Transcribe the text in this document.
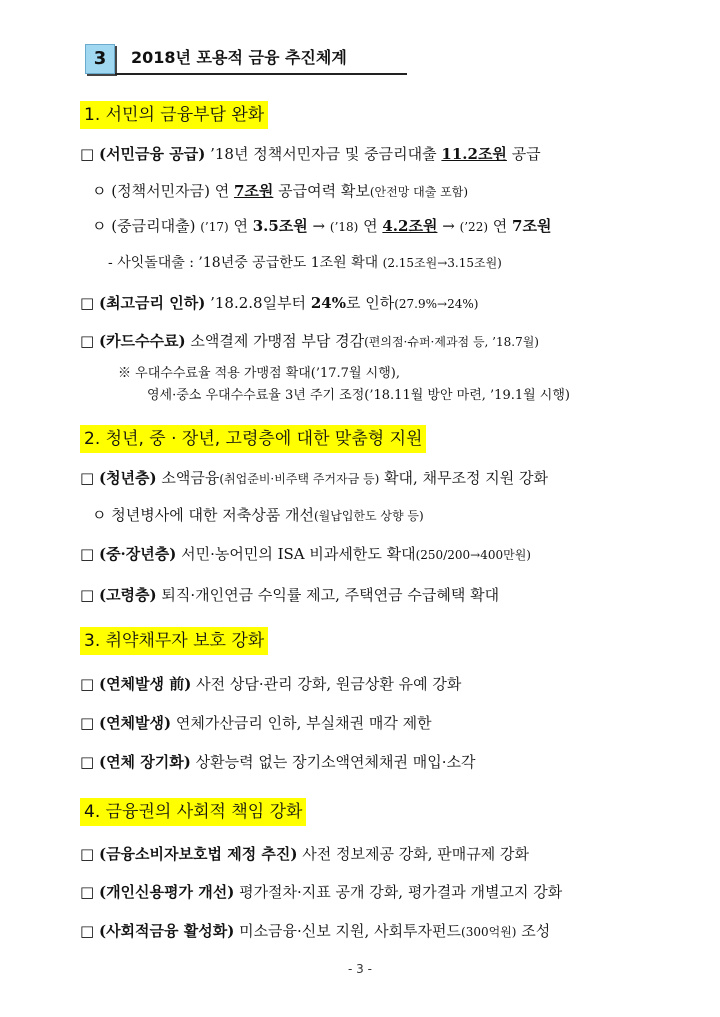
3	2018년 포용적 금융 추진체계
1. 서민의 금융부담 완화
□ (서민금융 공급) ’18년 정책서민자금 및 중금리대출 11.2조원 공급
ㅇ (정책서민자금) 연 7조원 공급여력 확보(안전망 대출 포함)
ㅇ (중금리대출) (’17) 연 3.5조원 → (’18) 연 4.2조원 → (’22) 연 7조원
- 사잇돌대출 : ’18년중 공급한도 1조원 확대 (2.15조원→3.15조원)
□ (최고금리 인하) ’18.2.8일부터 24%로 인하(27.9%→24%)
□ (카드수수료) 소액결제 가맹점 부담 경감(편의점·슈퍼·제과점 등, ’18.7월)
※ 우대수수료율 적용 가맹점 확대(’17.7월 시행),
영세·중소 우대수수료율 3년 주기 조정(’18.11월 방안 마련, ’19.1월 시행)
2. 청년, 중 · 장년, 고령층에 대한 맞춤형 지원
□ (청년층) 소액금융(취업준비·비주택 주거자금 등) 확대, 채무조정 지원 강화
ㅇ 청년병사에 대한 저축상품 개선(월납입한도 상향 등)
□ (중·장년층) 서민·농어민의 ISA 비과세한도 확대(250/200→400만원)
□ (고령층) 퇴직·개인연금 수익률 제고, 주택연금 수급혜택 확대
3. 취약채무자 보호 강화
□ (연체발생 前) 사전 상담·관리 강화, 원금상환 유예 강화
□ (연체발생) 연체가산금리 인하, 부실채권 매각 제한
□ (연체 장기화) 상환능력 없는 장기소액연체채권 매입·소각
4. 금융권의 사회적 책임 강화
□ (금융소비자보호법 제정 추진) 사전 정보제공 강화, 판매규제 강화
□ (개인신용평가 개선) 평가절차·지표 공개 강화, 평가결과 개별고지 강화
□ (사회적금융 활성화) 미소금융·신보 지원, 사회투자펀드(300억원) 조성
- 3 -
